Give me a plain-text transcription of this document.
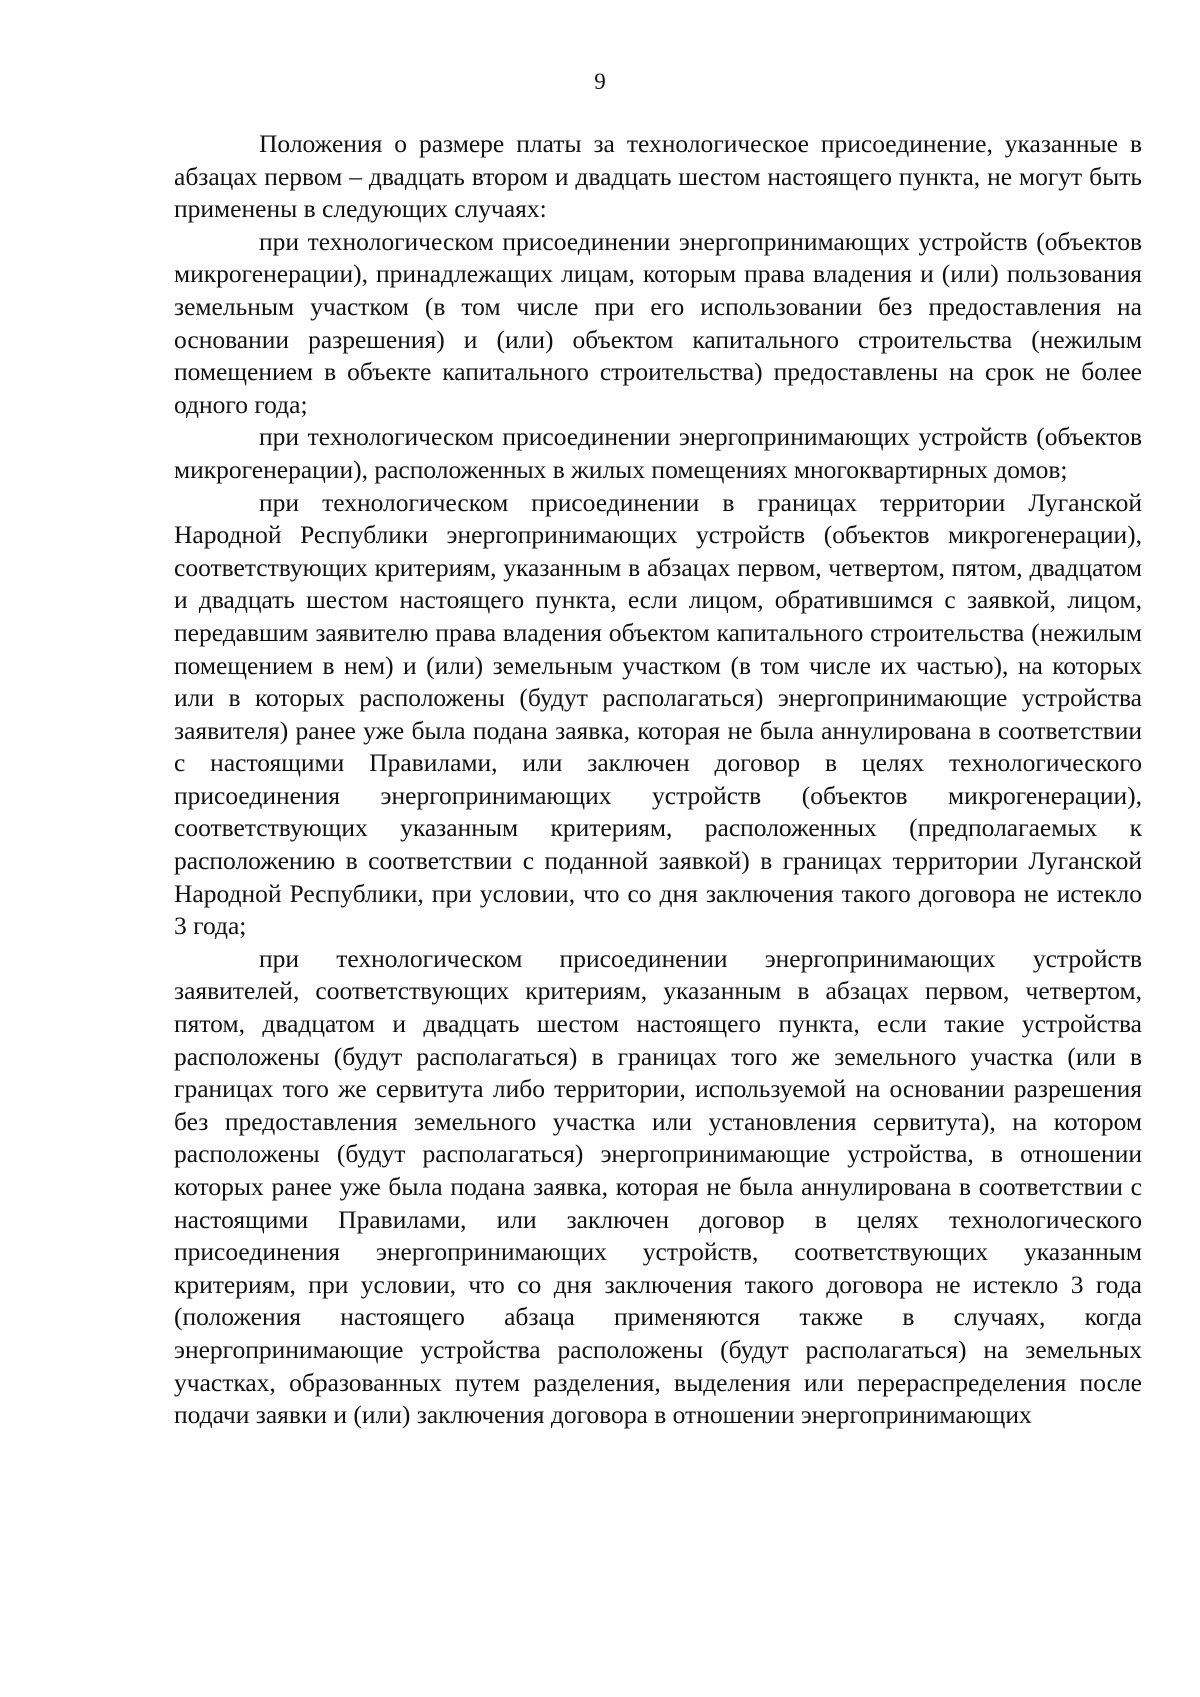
9

Положения о размере платы за технологическое присоединение, указанные в абзацах первом – двадцать втором и двадцать шестом настоящего пункта, не могут быть применены в следующих случаях:

при технологическом присоединении энергопринимающих устройств (объектов микрогенерации), принадлежащих лицам, которым права владения и (или) пользования земельным участком (в том числе при его использовании без предоставления на основании разрешения) и (или) объектом капитального строительства (нежилым помещением в объекте капитального строительства) предоставлены на срок не более одного года;

при технологическом присоединении энергопринимающих устройств (объектов микрогенерации), расположенных в жилых помещениях многоквартирных домов;

при технологическом присоединении в границах территории Луганской Народной Республики энергопринимающих устройств (объектов микрогенерации), соответствующих критериям, указанным в абзацах первом, четвертом, пятом, двадцатом и двадцать шестом настоящего пункта, если лицом, обратившимся с заявкой, лицом, передавшим заявителю права владения объектом капитального строительства (нежилым помещением в нем) и (или) земельным участком (в том числе их частью), на которых или в которых расположены (будут располагаться) энергопринимающие устройства заявителя) ранее уже была подана заявка, которая не была аннулирована в соответствии с настоящими Правилами, или заключен договор в целях технологического присоединения энергопринимающих устройств (объектов микрогенерации), соответствующих указанным критериям, расположенных (предполагаемых к расположению в соответствии с поданной заявкой) в границах территории Луганской Народной Республики, при условии, что со дня заключения такого договора не истекло 3 года;

при технологическом присоединении энергопринимающих устройств заявителей, соответствующих критериям, указанным в абзацах первом, четвертом, пятом, двадцатом и двадцать шестом настоящего пункта, если такие устройства расположены (будут располагаться) в границах того же земельного участка (или в границах того же сервитута либо территории, используемой на основании разрешения без предоставления земельного участка или установления сервитута), на котором расположены (будут располагаться) энергопринимающие устройства, в отношении которых ранее уже была подана заявка, которая не была аннулирована в соответствии с настоящими Правилами, или заключен договор в целях технологического присоединения энергопринимающих устройств, соответствующих указанным критериям, при условии, что со дня заключения такого договора не истекло 3 года (положения настоящего абзаца применяются также в случаях, когда энергопринимающие устройства расположены (будут располагаться) на земельных участках, образованных путем разделения, выделения или перераспределения после подачи заявки и (или) заключения договора в отношении энергопринимающих
